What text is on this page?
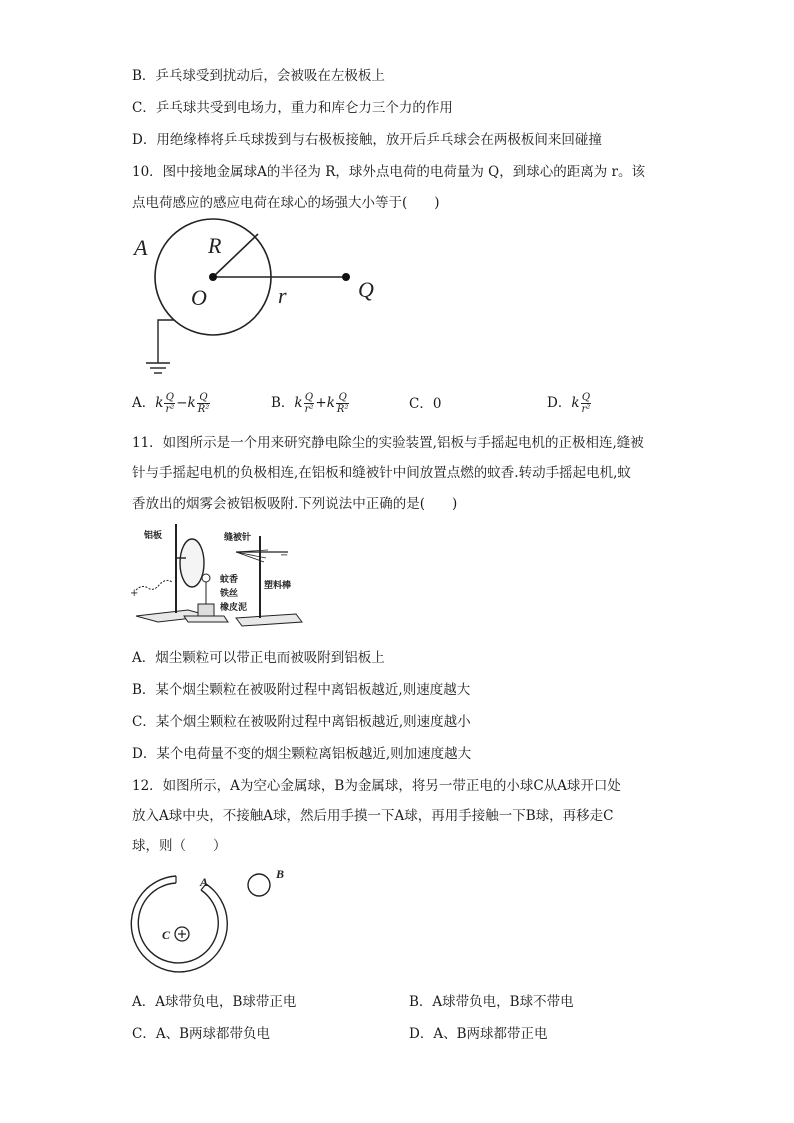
B．乒乓球受到扰动后，会被吸在左极板上
C．乒乓球共受到电场力，重力和库仑力三个力的作用
D．用绝缘棒将乒乓球拨到与右极板接触，放开后乒乓球会在两极板间来回碰撞
10．图中接地金属球A的半径为 R，球外点电荷的电荷量为 Q，到球心的距离为 r。该
点电荷感应的感应电荷在球心的场强大小等于(　　)
A	R
O	r	Q
A．k $\frac{Q}{\text{r²}} -k \frac{Q}{\text{R²}}$	B．k $\frac{Q}{\text{r²}} +k \frac{Q}{\text{R²}}$	C．0	D．k $\frac{Q}{\text{r²}}$
11．如图所示是一个用来研究静电除尘的实验装置,铝板与手摇起电机的正极相连,缝被
针与手摇起电机的负极相连,在铝板和缝被针中间放置点燃的蚊香.转动手摇起电机,蚊
香放出的烟雾会被铝板吸附.下列说法中正确的是(　　)
+
−
铝板	缝被针
蚊香
铁丝
橡皮泥
塑料棒
A．烟尘颗粒可以带正电而被吸附到铝板上
B．某个烟尘颗粒在被吸附过程中离铝板越近,则速度越大
C．某个烟尘颗粒在被吸附过程中离铝板越近,则速度越小
D．某个电荷量不变的烟尘颗粒离铝板越近,则加速度越大
12．如图所示，A为空心金属球，B为金属球，将另一带正电的小球C从A球开口处
放入A球中央，不接触A球，然后用手摸一下A球，再用手接触一下B球，再移走C
球，则（　　）
A
B
C
A．A球带负电，B球带正电	B．A球带负电，B球不带电
C．A、B两球都带负电	D．A、B两球都带正电
